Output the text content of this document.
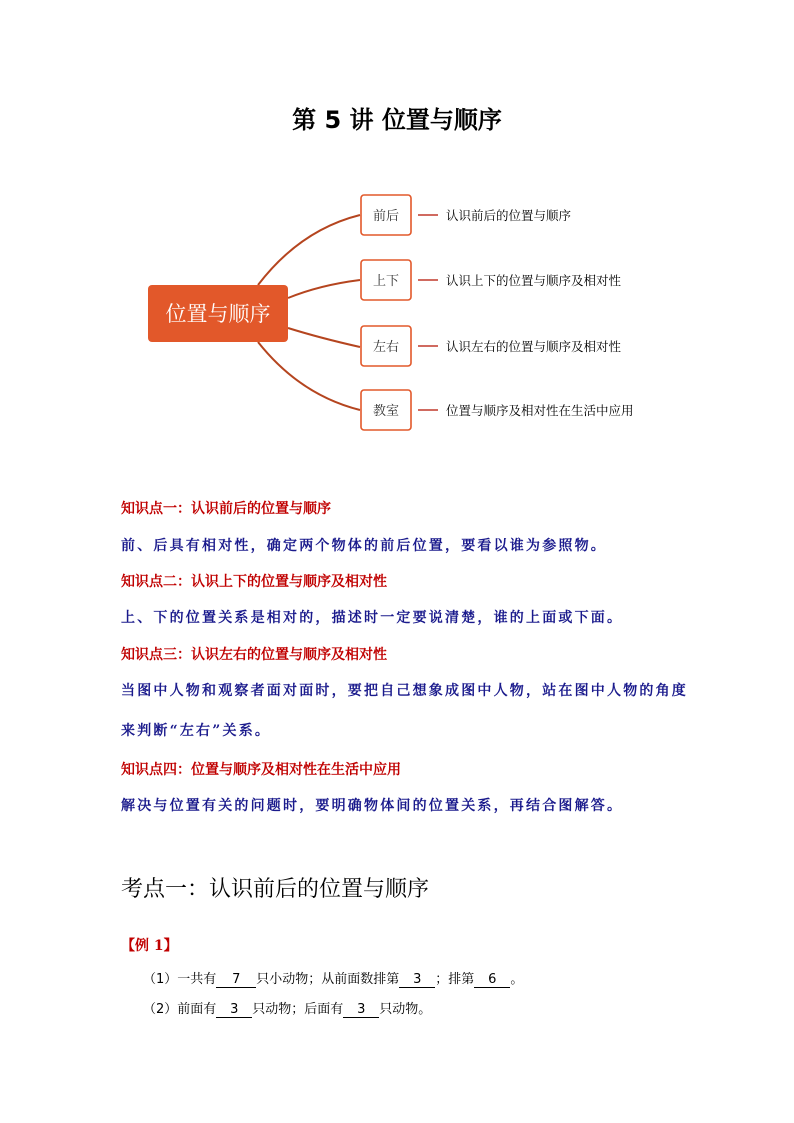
第 5 讲 位置与顺序
位置与顺序
前后	认识前后的位置与顺序
上下	认识上下的位置与顺序及相对性
左右	认识左右的位置与顺序及相对性
教室	位置与顺序及相对性在生活中应用
知识点一：认识前后的位置与顺序
前、后具有相对性，确定两个物体的前后位置，要看以谁为参照物。
知识点二：认识上下的位置与顺序及相对性
上、下的位置关系是相对的，描述时一定要说清楚，谁的上面或下面。
知识点三：认识左右的位置与顺序及相对性
当图中人物和观察者面对面时，要把自己想象成图中人物，站在图中人物的角度
来判断“左右”关系。
知识点四：位置与顺序及相对性在生活中应用
解决与位置有关的问题时，要明确物体间的位置关系，再结合图解答。
考点一：认识前后的位置与顺序
【例 1】
（1）一共有 7 只小动物；从前面数排第 3 ；排第 6 。
（2）前面有 3 只动物；后面有 3 只动物。
